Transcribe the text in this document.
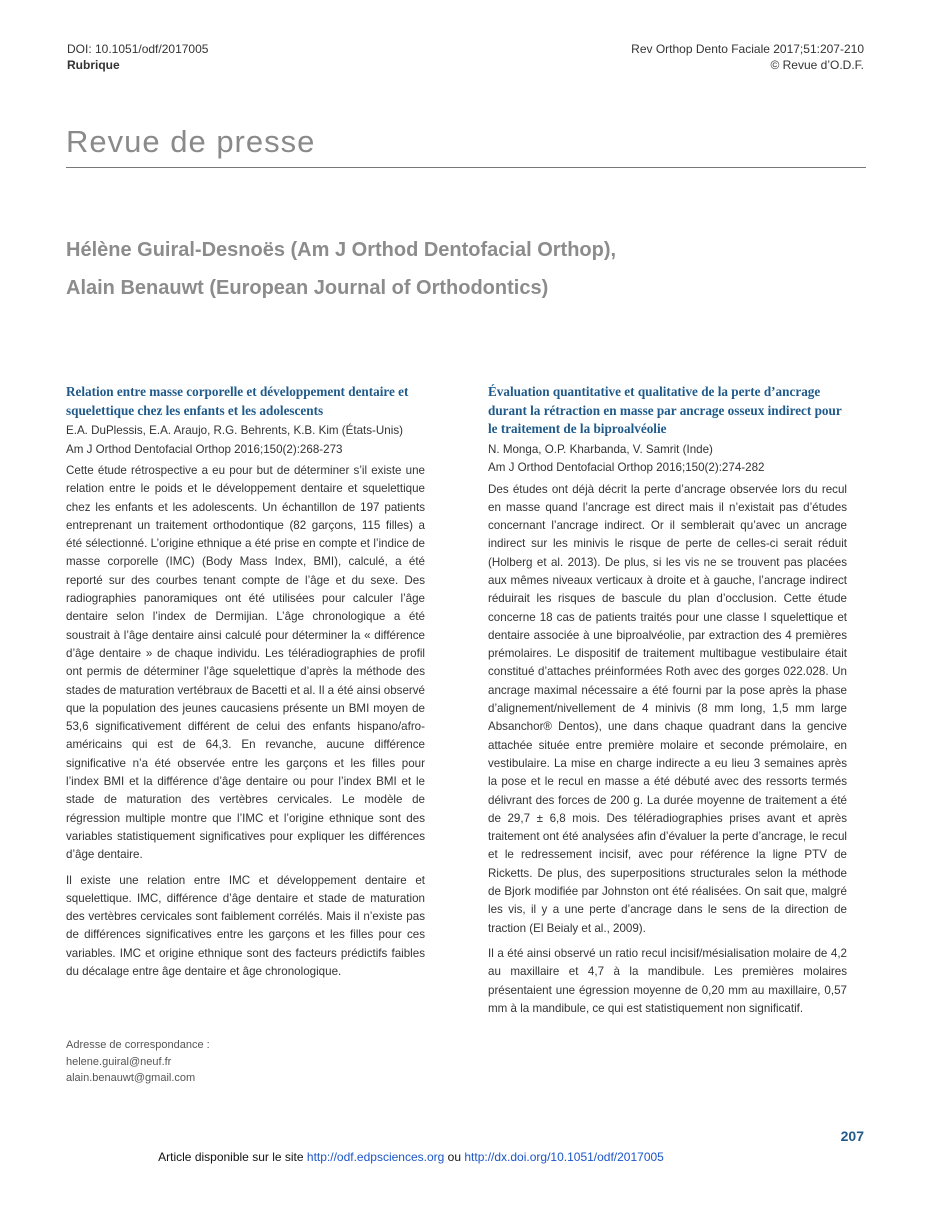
DOI: 10.1051/odf/2017005
Rubrique
Rev Orthop Dento Faciale 2017;51:207-210
© Revue d’O.D.F.
Revue de presse
Hélène Guiral-Desnoës (Am J Orthod Dentofacial Orthop),
Alain Benauwt (European Journal of Orthodontics)
Relation entre masse corporelle et développement dentaire et squelettique chez les enfants et les adolescents
E.A. DuPlessis, E.A. Araujo, R.G. Behrents, K.B. Kim (États-Unis)
Am J Orthod Dentofacial Orthop 2016;150(2):268-273

Cette étude rétrospective a eu pour but de déterminer s’il existe une relation entre le poids et le développement dentaire et squelettique chez les enfants et les adolescents. Un échantillon de 197 patients entreprenant un traitement orthodontique (82 garçons, 115 filles) a été sélectionné. L’origine ethnique a été prise en compte et l’indice de masse corporelle (IMC) (Body Mass Index, BMI), calculé, a été reporté sur des courbes tenant compte de l’âge et du sexe. Des radiographies panoramiques ont été utilisées pour calculer l’âge dentaire selon l’index de Dermijian. L’âge chronologique a été soustrait à l’âge dentaire ainsi calculé pour déterminer la « différence d’âge dentaire » de chaque individu. Les téléradiographies de profil ont permis de déterminer l’âge squelettique d’après la méthode des stades de maturation vertébraux de Bacetti et al. Il a été ainsi observé que la population des jeunes caucasiens présente un BMI moyen de 53,6 significativement différent de celui des enfants hispano/afro-américains qui est de 64,3. En revanche, aucune différence significative n’a été observée entre les garçons et les filles pour l’index BMI et la différence d’âge dentaire ou pour l’index BMI et le stade de maturation des vertèbres cervicales. Le modèle de régression multiple montre que l’IMC et l’origine ethnique sont des variables statistiquement significatives pour expliquer les différences d’âge dentaire.

Il existe une relation entre IMC et développement dentaire et squelettique. IMC, différence d’âge dentaire et stade de maturation des vertèbres cervicales sont faiblement corrélés. Mais il n’existe pas de différences significatives entre les garçons et les filles pour ces variables. IMC et origine ethnique sont des facteurs prédictifs faibles du décalage entre âge dentaire et âge chronologique.

Évaluation quantitative et qualitative de la perte d’ancrage durant la rétraction en masse par ancrage osseux indirect pour le traitement de la biproalvéolie
N. Monga, O.P. Kharbanda, V. Samrit (Inde)
Am J Orthod Dentofacial Orthop 2016;150(2):274-282

Des études ont déjà décrit la perte d’ancrage observée lors du recul en masse quand l’ancrage est direct mais il n’existait pas d’études concernant l’ancrage indirect. Or il semblerait qu’avec un ancrage indirect sur les minivis le risque de perte de celles-ci serait réduit (Holberg et al. 2013). De plus, si les vis ne se trouvent pas placées aux mêmes niveaux verticaux à droite et à gauche, l’ancrage indirect réduirait les risques de bascule du plan d’occlusion. Cette étude concerne 18 cas de patients traités pour une classe I squelettique et dentaire associée à une biproalvéolie, par extraction des 4 premières prémolaires. Le dispositif de traitement multibague vestibulaire était constitué d’attaches préinformées Roth avec des gorges 022.028. Un ancrage maximal nécessaire a été fourni par la pose après la phase d’alignement/nivellement de 4 minivis (8 mm long, 1,5 mm large Absanchor® Dentos), une dans chaque quadrant dans la gencive attachée située entre première molaire et seconde prémolaire, en vestibulaire. La mise en charge indirecte a eu lieu 3 semaines après la pose et le recul en masse a été débuté avec des ressorts termés délivrant des forces de 200 g. La durée moyenne de traitement a été de 29,7 ± 6,8 mois. Des téléradiographies prises avant et après traitement ont été analysées afin d’évaluer la perte d’ancrage, le recul et le redressement incisif, avec pour référence la ligne PTV de Ricketts. De plus, des superpositions structurales selon la méthode de Bjork modifiée par Johnston ont été réalisées. On sait que, malgré les vis, il y a une perte d’ancrage dans le sens de la direction de traction (El Beialy et al., 2009).

Il a été ainsi observé un ratio recul incisif/mésialisation molaire de 4,2 au maxillaire et 4,7 à la mandibule. Les premières molaires présentaient une égression moyenne de 0,20 mm au maxillaire, 0,57 mm à la mandibule, ce qui est statistiquement non significatif.

Adresse de correspondance :
helene.guiral@neuf.fr
alain.benauwt@gmail.com
207
Article disponible sur le site http://odf.edpsciences.org ou http://dx.doi.org/10.1051/odf/2017005
